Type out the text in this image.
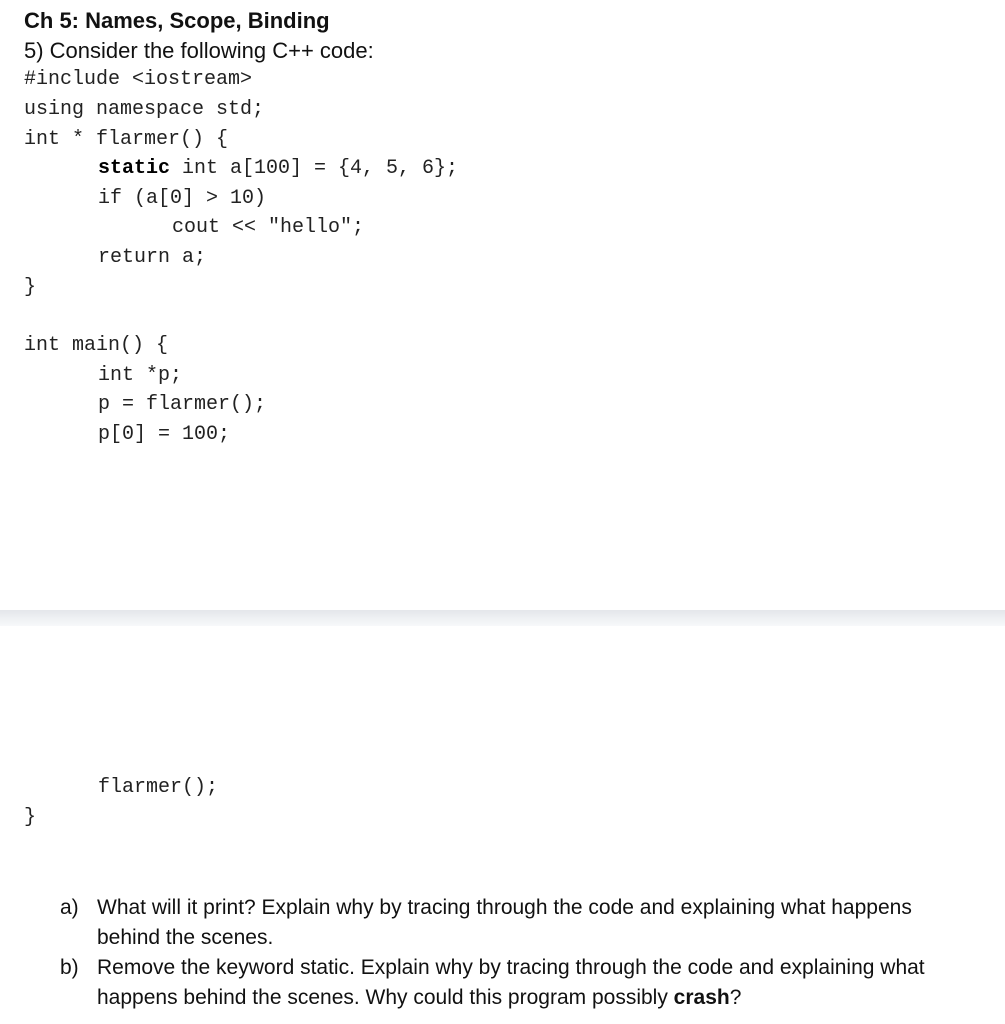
Ch 5: Names, Scope, Binding
5) Consider the following C++ code:
#include <iostream>
using namespace std;
int * flarmer() {
static int a[100] = {4, 5, 6};
if (a[0] > 10)
cout << "hello";
return a;
}
int main() {
int *p;
p = flarmer();
p[0] = 100;
flarmer();
}
a) What will it print? Explain why by tracing through the code and explaining what happens behind the scenes.
b) Remove the keyword static. Explain why by tracing through the code and explaining what happens behind the scenes. Why could this program possibly crash?
